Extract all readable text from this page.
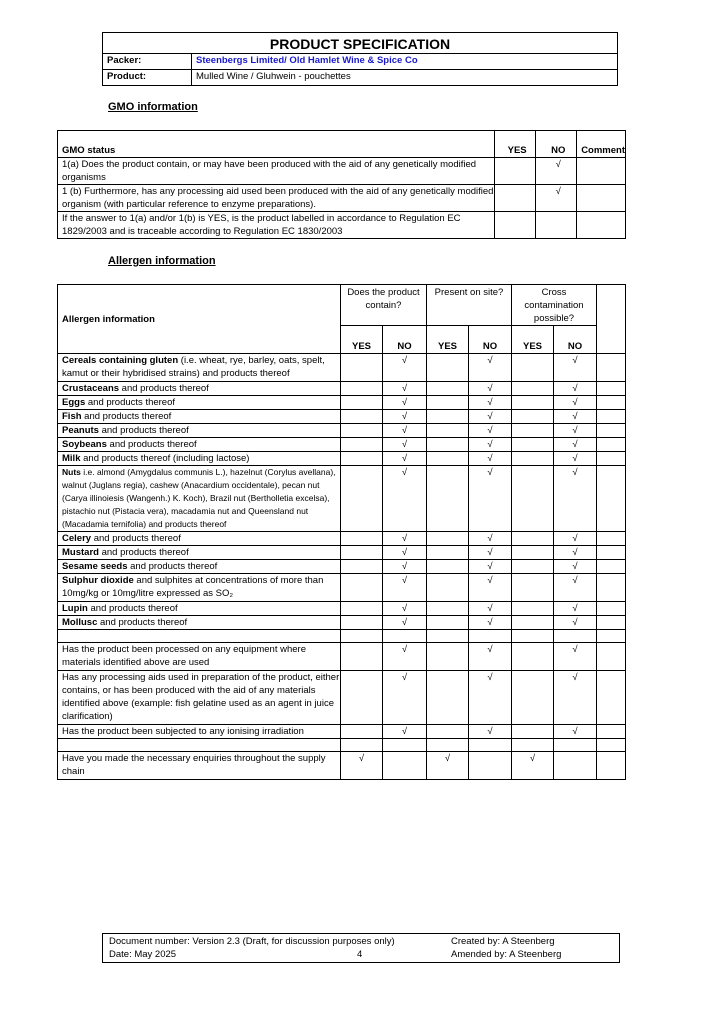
PRODUCT SPECIFICATION	
Packer:	Steenbergs Limited/ Old Hamlet Wine & Spice Co
Product:	Mulled Wine / Gluhwein - pouchettes
GMO information
GMO status	YES	NO	Comment
1(a) Does the product contain, or may have been produced with the aid of any genetically modified organisms		√	
1 (b) Furthermore, has any processing aid used been produced with the aid of any genetically modified organism (with particular reference to enzyme preparations).		√	
If the answer to 1(a) and/or 1(b) is YES, is the product labelled in accordance to Regulation EC 1829/2003 and is traceable according to Regulation EC 1830/2003			
Allergen information
Allergen information	Does the product contain?		Present on site?		Cross contamination possible?		
	YES	NO	YES	NO	YES	NO	
Cereals containing gluten (i.e. wheat, rye, barley, oats, spelt, kamut or their hybridised strains) and products thereof		√		√		√	
Crustaceans and products thereof		√		√		√	
Eggs and products thereof		√		√		√	
Fish and products thereof		√		√		√	
Peanuts and products thereof		√		√		√	
Soybeans and products thereof		√		√		√	
Milk and products thereof (including lactose)		√		√		√	
Nuts i.e. almond (Amygdalus communis L.), hazelnut (Corylus avellana), walnut (Juglans regia), cashew (Anacardium occidentale), pecan nut (Carya illinoiesis (Wangenh.) K. Koch), Brazil nut (Bertholletia excelsa), pistachio nut (Pistacia vera), macadamia nut and Queensland nut (Macadamia ternifolia) and products thereof		√		√		√	
Celery and products thereof		√		√		√	
Mustard and products thereof		√		√		√	
Sesame seeds and products thereof		√		√		√	
Sulphur dioxide and sulphites at concentrations of more than 10mg/kg or 10mg/litre expressed as SO₂		√		√		√	
Lupin and products thereof		√		√		√	
Mollusc and products thereof		√		√		√	

Has the product been processed on any equipment where materials identified above are used		√		√		√	
Has any processing aids used in preparation of the product, either contains, or has been produced with the aid of any materials identified above (example: fish gelatine used as an agent in juice clarification)		√		√		√	
Has the product been subjected to any ionising irradiation		√		√		√	

Have you made the necessary enquiries throughout the supply chain	√		√		√		
Document number: Version 2.3 (Draft, for discussion purposes only)	Created by: A Steenberg
Date: May 2025	4	Amended by: A Steenberg
